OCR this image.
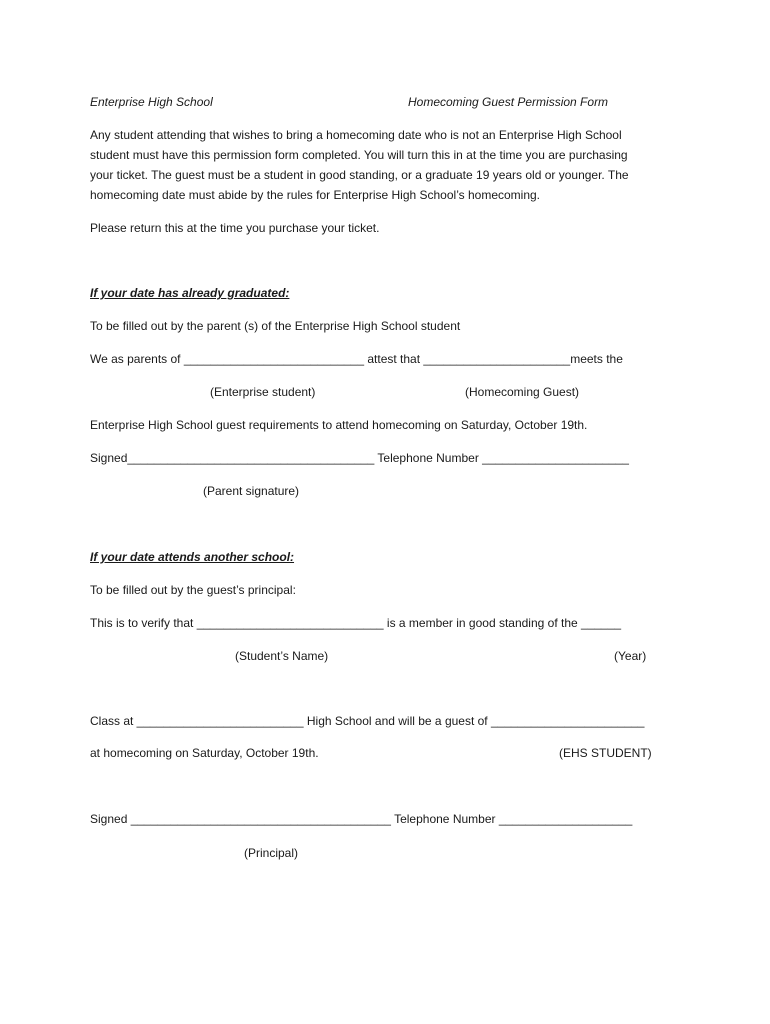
Enterprise High School	Homecoming Guest Permission Form
Any student attending that wishes to bring a homecoming date who is not an Enterprise High School
student must have this permission form completed. You will turn this in at the time you are purchasing
your ticket. The guest must be a student in good standing, or a graduate 19 years old or younger. The
homecoming date must abide by the rules for Enterprise High School’s homecoming.
Please return this at the time you purchase your ticket.
If your date has already graduated:
To be filled out by the parent (s) of the Enterprise High School student
We as parents of ___________________________ attest that ______________________meets the
(Enterprise student)	(Homecoming Guest)
Enterprise High School guest requirements to attend homecoming on Saturday, October 19th.
Signed_____________________________________ Telephone Number ______________________
(Parent signature)
If your date attends another school:
To be filled out by the guest’s principal:
This is to verify that ____________________________ is a member in good standing of the ______
(Student’s Name)	(Year)
Class at _________________________ High School and will be a guest of _______________________
at homecoming on Saturday, October 19th.	(EHS STUDENT)
Signed _______________________________________ Telephone Number ____________________
(Principal)
